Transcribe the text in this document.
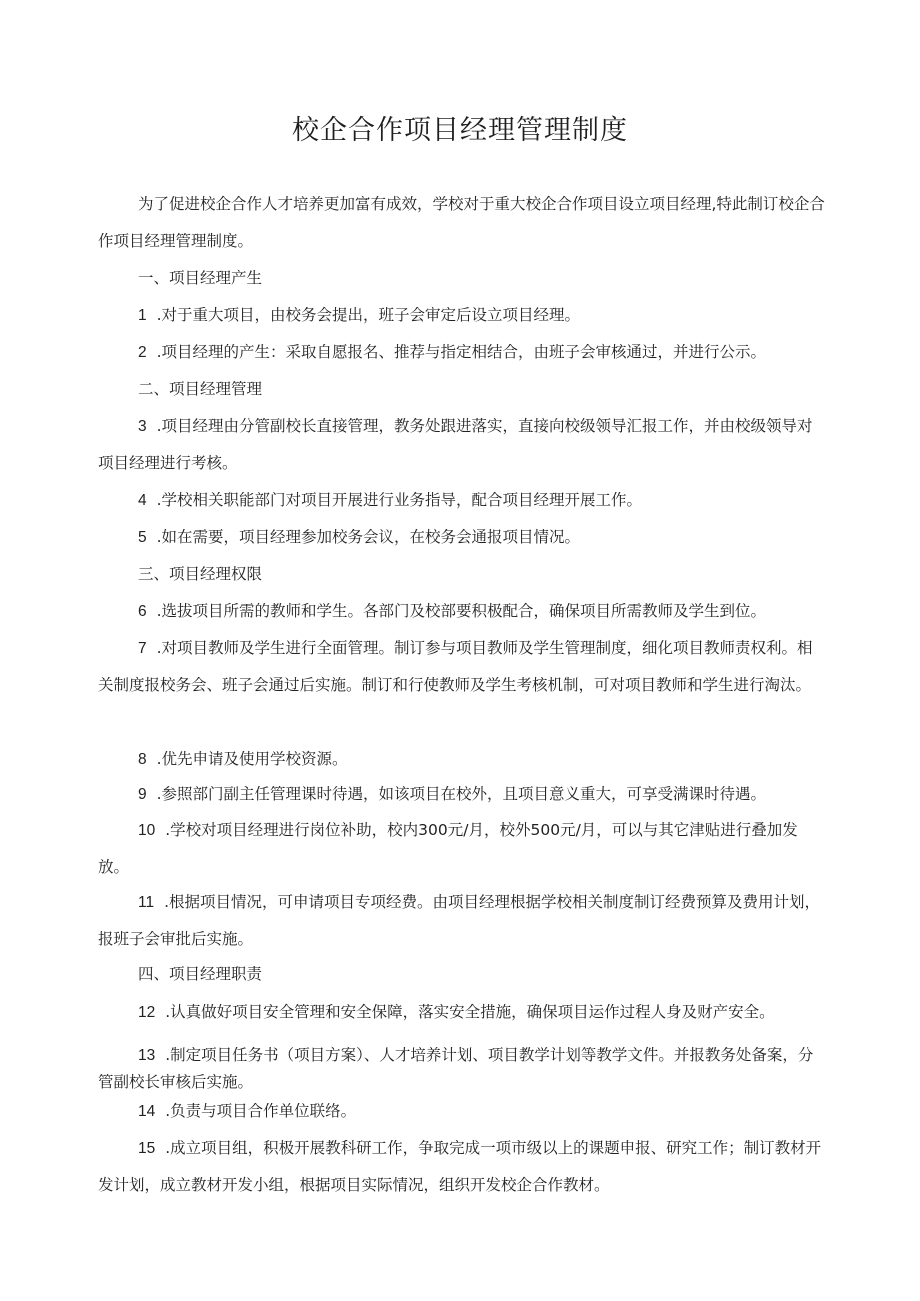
校企合作项目经理管理制度

为了促进校企合作人才培养更加富有成效，学校对于重大校企合作项目设立项目经理,特此制订校企合作项目经理管理制度。

一、项目经理产生

1 .对于重大项目，由校务会提出，班子会审定后设立项目经理。

2 .项目经理的产生：采取自愿报名、推荐与指定相结合，由班子会审核通过，并进行公示。

二、项目经理管理

3 .项目经理由分管副校长直接管理，教务处跟进落实，直接向校级领导汇报工作，并由校级领导对项目经理进行考核。

4 .学校相关职能部门对项目开展进行业务指导，配合项目经理开展工作。

5 .如在需要，项目经理参加校务会议，在校务会通报项目情况。

三、项目经理权限

6 .选拔项目所需的教师和学生。各部门及校部要积极配合，确保项目所需教师及学生到位。

7 .对项目教师及学生进行全面管理。制订参与项目教师及学生管理制度，细化项目教师责权利。相关制度报校务会、班子会通过后实施。制订和行使教师及学生考核机制，可对项目教师和学生进行淘汰。

8 .优先申请及使用学校资源。

9 .参照部门副主任管理课时待遇，如该项目在校外，且项目意义重大，可享受满课时待遇。

10 .学校对项目经理进行岗位补助，校内300元/月，校外500元/月，可以与其它津贴进行叠加发放。

11 .根据项目情况，可申请项目专项经费。由项目经理根据学校相关制度制订经费预算及费用计划，报班子会审批后实施。

四、项目经理职责

12 .认真做好项目安全管理和安全保障，落实安全措施，确保项目运作过程人身及财产安全。

13 .制定项目任务书（项目方案）、人才培养计划、项目教学计划等教学文件。并报教务处备案，分管副校长审核后实施。

14 .负责与项目合作单位联络。

15 .成立项目组，积极开展教科研工作，争取完成一项市级以上的课题申报、研究工作；制订教材开发计划，成立教材开发小组，根据项目实际情况，组织开发校企合作教材。
